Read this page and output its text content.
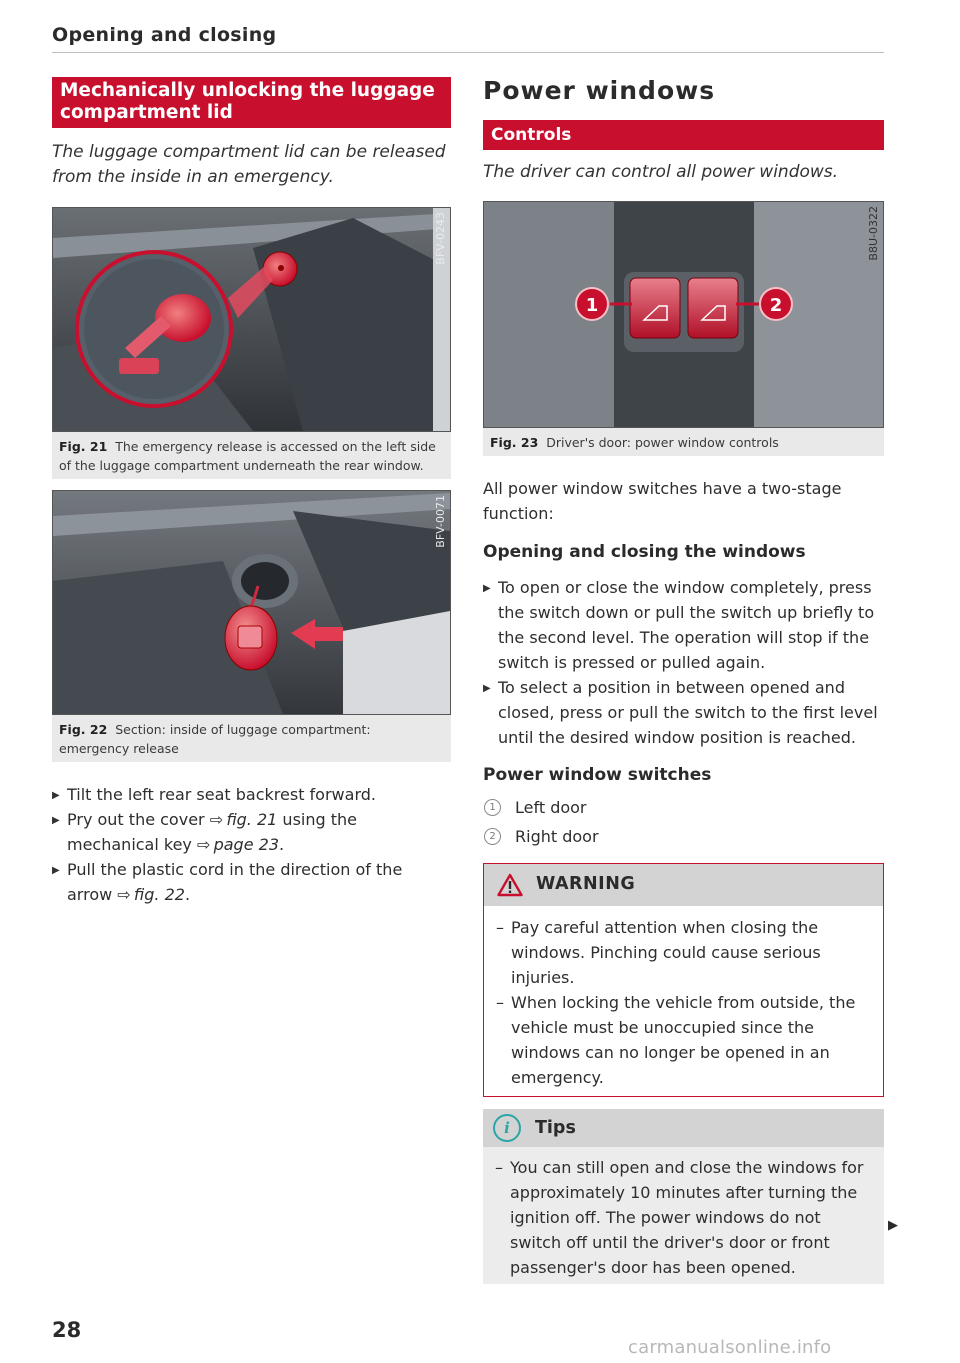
Opening and closing
Mechanically unlocking the luggage compartment lid
The luggage compartment lid can be released from the inside in an emergency.
BFV-0243
Fig. 21 The emergency release is accessed on the left side of the luggage compartment underneath the rear window.
BFV-0071
Fig. 22 Section: inside of luggage compartment: emergency release
▶ Tilt the left rear seat backrest forward.
▶ Pry out the cover ⇨  fig. 21 using the mechanical key ⇨  page 23.
▶ Pull the plastic cord in the direction of the arrow ⇨  fig. 22.
Power windows
Controls
The driver can control all power windows.
1	2
B8U-0322
Fig. 23 Driver's door: power window controls
All power window switches have a two-stage function:
Opening and closing the windows
▶ To open or close the window completely, press the switch down or pull the switch up briefly to the second level. The operation will stop if the switch is pressed or pulled again.
▶ To select a position in between opened and closed, press or pull the switch to the first level until the desired window position is reached.
Power window switches
1	Left door
2	Right door
WARNING
– Pay careful attention when closing the windows. Pinching could cause serious injuries.
– When locking the vehicle from outside, the vehicle must be unoccupied since the windows can no longer be opened in an emergency.
i	Tips
– You can still open and close the windows for approximately 10 minutes after turning the ignition off. The power windows do not switch off until the driver's door or front passenger's door has been opened.
▶
28
carmanualsonline.info
